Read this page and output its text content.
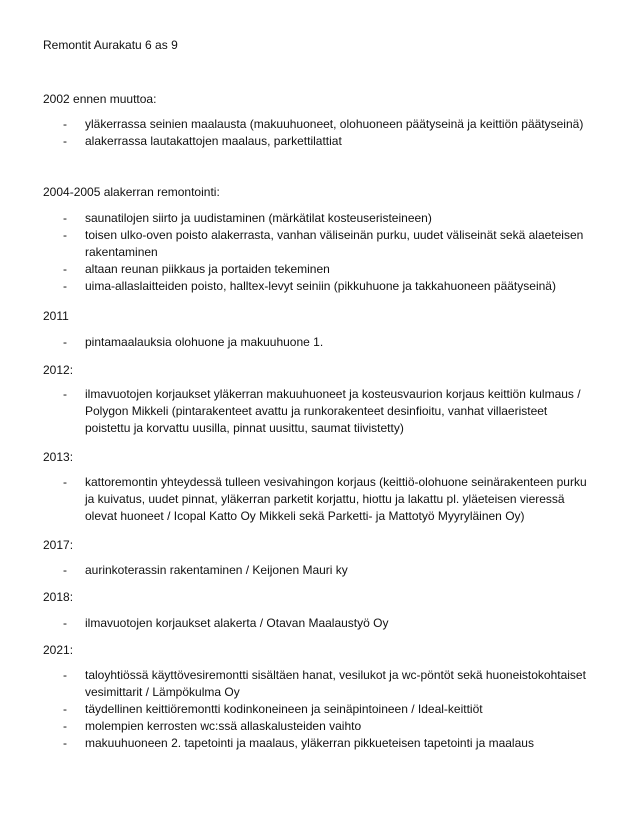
Remontit Aurakatu 6 as 9
2002 ennen muuttoa:
- yläkerrassa seinien maalausta (makuuhuoneet, olohuoneen päätyseinä ja keittiön päätyseinä)
- alakerrassa lautakattojen maalaus, parkettilattiat
2004-2005 alakerran remontointi:
- saunatilojen siirto ja uudistaminen (märkätilat kosteuseristeineen)
- toisen ulko-oven poisto alakerrasta, vanhan väliseinän purku, uudet väliseinät sekä alaeteisen rakentaminen
- altaan reunan piikkaus ja portaiden tekeminen
- uima-allaslaitteiden poisto, halltex-levyt seiniin (pikkuhuone ja takkahuoneen päätyseinä)
2011
- pintamaalauksia olohuone ja makuuhuone 1.
2012:
- ilmavuotojen korjaukset yläkerran makuuhuoneet ja kosteusvaurion korjaus keittiön kulmaus / Polygon Mikkeli (pintarakenteet avattu ja runkorakenteet desinfioitu, vanhat villaeristeet poistettu ja korvattu uusilla, pinnat uusittu, saumat tiivistetty)
2013:
- kattoremontin yhteydessä tulleen vesivahingon korjaus (keittiö-olohuone seinärakenteen purku ja kuivatus, uudet pinnat, yläkerran parketit korjattu, hiottu ja lakattu pl. yläeteisen vieressä olevat huoneet / Icopal Katto Oy Mikkeli sekä Parketti- ja Mattotyö Myyryläinen Oy)
2017:
- aurinkoterassin rakentaminen / Keijonen Mauri ky
2018:
- ilmavuotojen korjaukset alakerta / Otavan Maalaustyö Oy
2021:
- taloyhtiössä käyttövesiremontti sisältäen hanat, vesilukot ja wc-pöntöt sekä huoneistokohtaiset vesimittarit / Lämpökulma Oy
- täydellinen keittiöremontti kodinkoneineen ja seinäpintoineen / Ideal-keittiöt
- molempien kerrosten wc:ssä allaskalusteiden vaihto
- makuuhuoneen 2. tapetointi ja maalaus, yläkerran pikkueteisen tapetointi ja maalaus
